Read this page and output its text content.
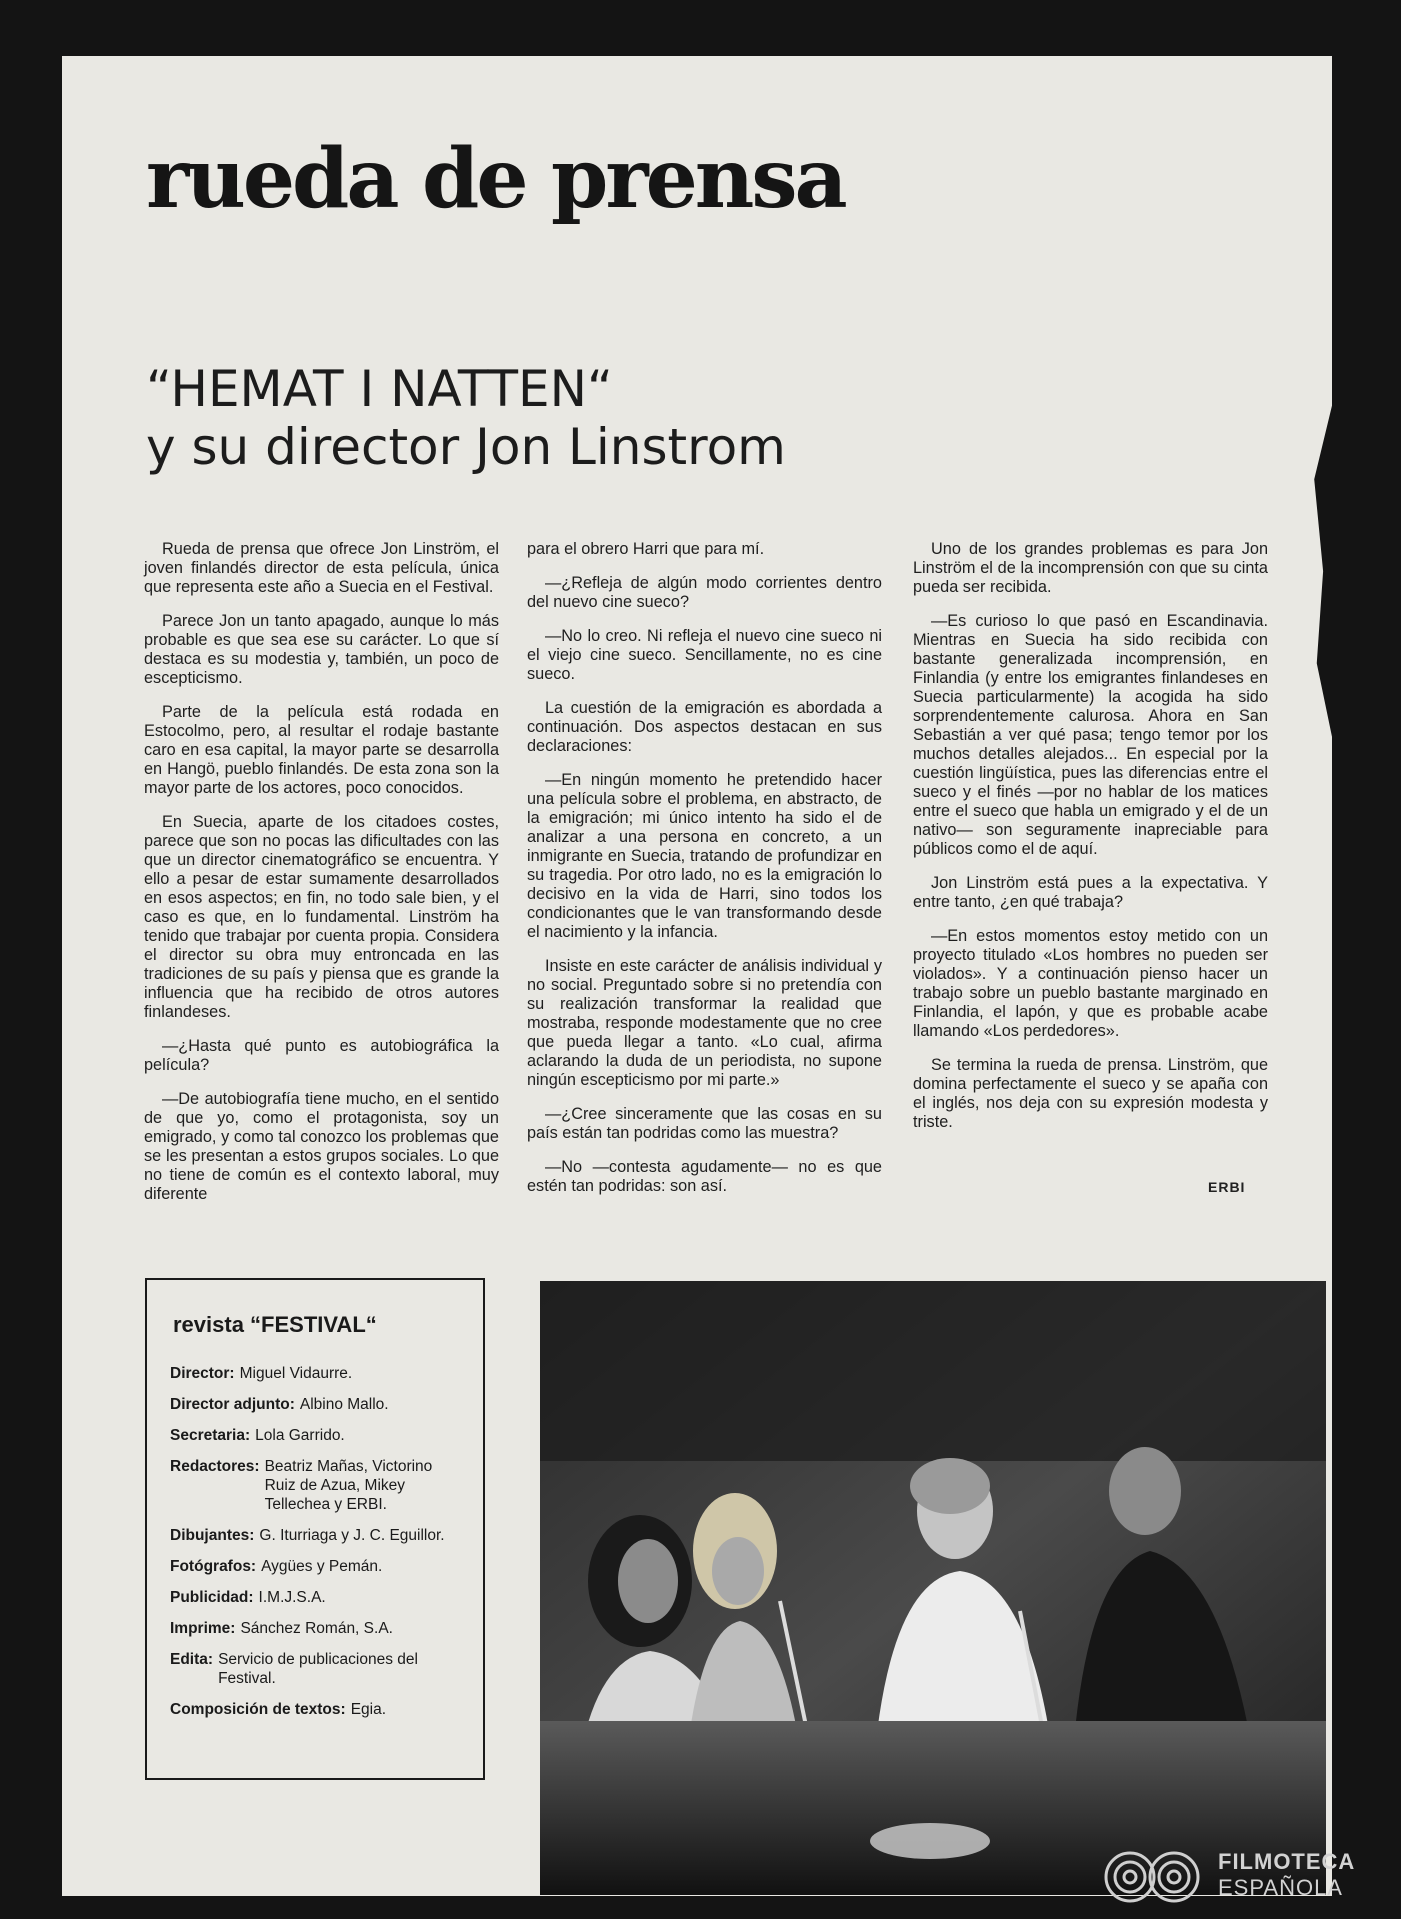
rueda de prensa
“HEMAT I NATTEN“
y su director Jon Linstrom

Rueda de prensa que ofrece Jon Linström, el joven finlandés director de esta película, única que representa este año a Suecia en el Festival.

Parece Jon un tanto apagado, aunque lo más probable es que sea ese su carácter. Lo que sí destaca es su modestia y, también, un poco de escepticismo.

Parte de la película está rodada en Estocolmo, pero, al resultar el rodaje bastante caro en esa capital, la mayor parte se desarrolla en Hangö, pueblo finlandés. De esta zona son la mayor parte de los actores, poco conocidos.

En Suecia, aparte de los citadoes costes, parece que son no pocas las dificultades con las que un director cinematográfico se encuentra. Y ello a pesar de estar sumamente desarrollados en esos aspectos; en fin, no todo sale bien, y el caso es que, en lo fundamental. Linström ha tenido que trabajar por cuenta propia. Considera el director su obra muy entroncada en las tradiciones de su país y piensa que es grande la influencia que ha recibido de otros autores finlandeses.

—¿Hasta qué punto es autobiográfica la película?

—De autobiografía tiene mucho, en el sentido de que yo, como el protagonista, soy un emigrado, y como tal conozco los problemas que se les presentan a estos grupos sociales. Lo que no tiene de común es el contexto laboral, muy diferente

para el obrero Harri que para mí.

—¿Refleja de algún modo corrientes dentro del nuevo cine sueco?

—No lo creo. Ni refleja el nuevo cine sueco ni el viejo cine sueco. Sencillamente, no es cine sueco.

La cuestión de la emigración es abordada a continuación. Dos aspectos destacan en sus declaraciones:

—En ningún momento he pretendido hacer una película sobre el problema, en abstracto, de la emigración; mi único intento ha sido el de analizar a una persona en concreto, a un inmigrante en Suecia, tratando de profundizar en su tragedia. Por otro lado, no es la emigración lo decisivo en la vida de Harri, sino todos los condicionantes que le van transformando desde el nacimiento y la infancia.

Insiste en este carácter de análisis individual y no social. Preguntado sobre si no pretendía con su realización transformar la realidad que mostraba, responde modestamente que no cree que pueda llegar a tanto. «Lo cual, afirma aclarando la duda de un periodista, no supone ningún escepticismo por mi parte.»

—¿Cree sinceramente que las cosas en su país están tan podridas como las muestra?

—No —contesta agudamente— no es que estén tan podridas: son así.

Uno de los grandes problemas es para Jon Linström el de la incomprensión con que su cinta pueda ser recibida.

—Es curioso lo que pasó en Escandinavia. Mientras en Suecia ha sido recibida con bastante generalizada incomprensión, en Finlandia (y entre los emigrantes finlandeses en Suecia particularmente) la acogida ha sido sorprendentemente calurosa. Ahora en San Sebastián a ver qué pasa; tengo temor por los muchos detalles alejados... En especial por la cuestión lingüística, pues las diferencias entre el sueco y el finés —por no hablar de los matices entre el sueco que habla un emigrado y el de un nativo— son seguramente inapreciable para públicos como el de aquí.

Jon Linström está pues a la expectativa. Y entre tanto, ¿en qué trabaja?

—En estos momentos estoy metido con un proyecto titulado «Los hombres no pueden ser violados». Y a continuación pienso hacer un trabajo sobre un pueblo bastante marginado en Finlandia, el lapón, y que es probable acabe llamando «Los perdedores».

Se termina la rueda de prensa. Linström, que domina perfectamente el sueco y se apaña con el inglés, nos deja con su expresión modesta y triste.

ERBI
revista “FESTIVAL“
Director: Miguel Vidaurre.
Director adjunto: Albino Mallo.
Secretaria: Lola Garrido.
Redactores: Beatriz Mañas, Victorino Ruiz de Azua, Mikey Tellechea y ERBI.
Dibujantes: G. Iturriaga y J. C. Eguillor.
Fotógrafos: Aygües y Pemán.
Publicidad: I.M.J.S.A.
Imprime: Sánchez Román, S.A.
Edita: Servicio de publicaciones del Festival.
Composición de textos: Egia.
FILMOTECA
ESPAÑOLA
